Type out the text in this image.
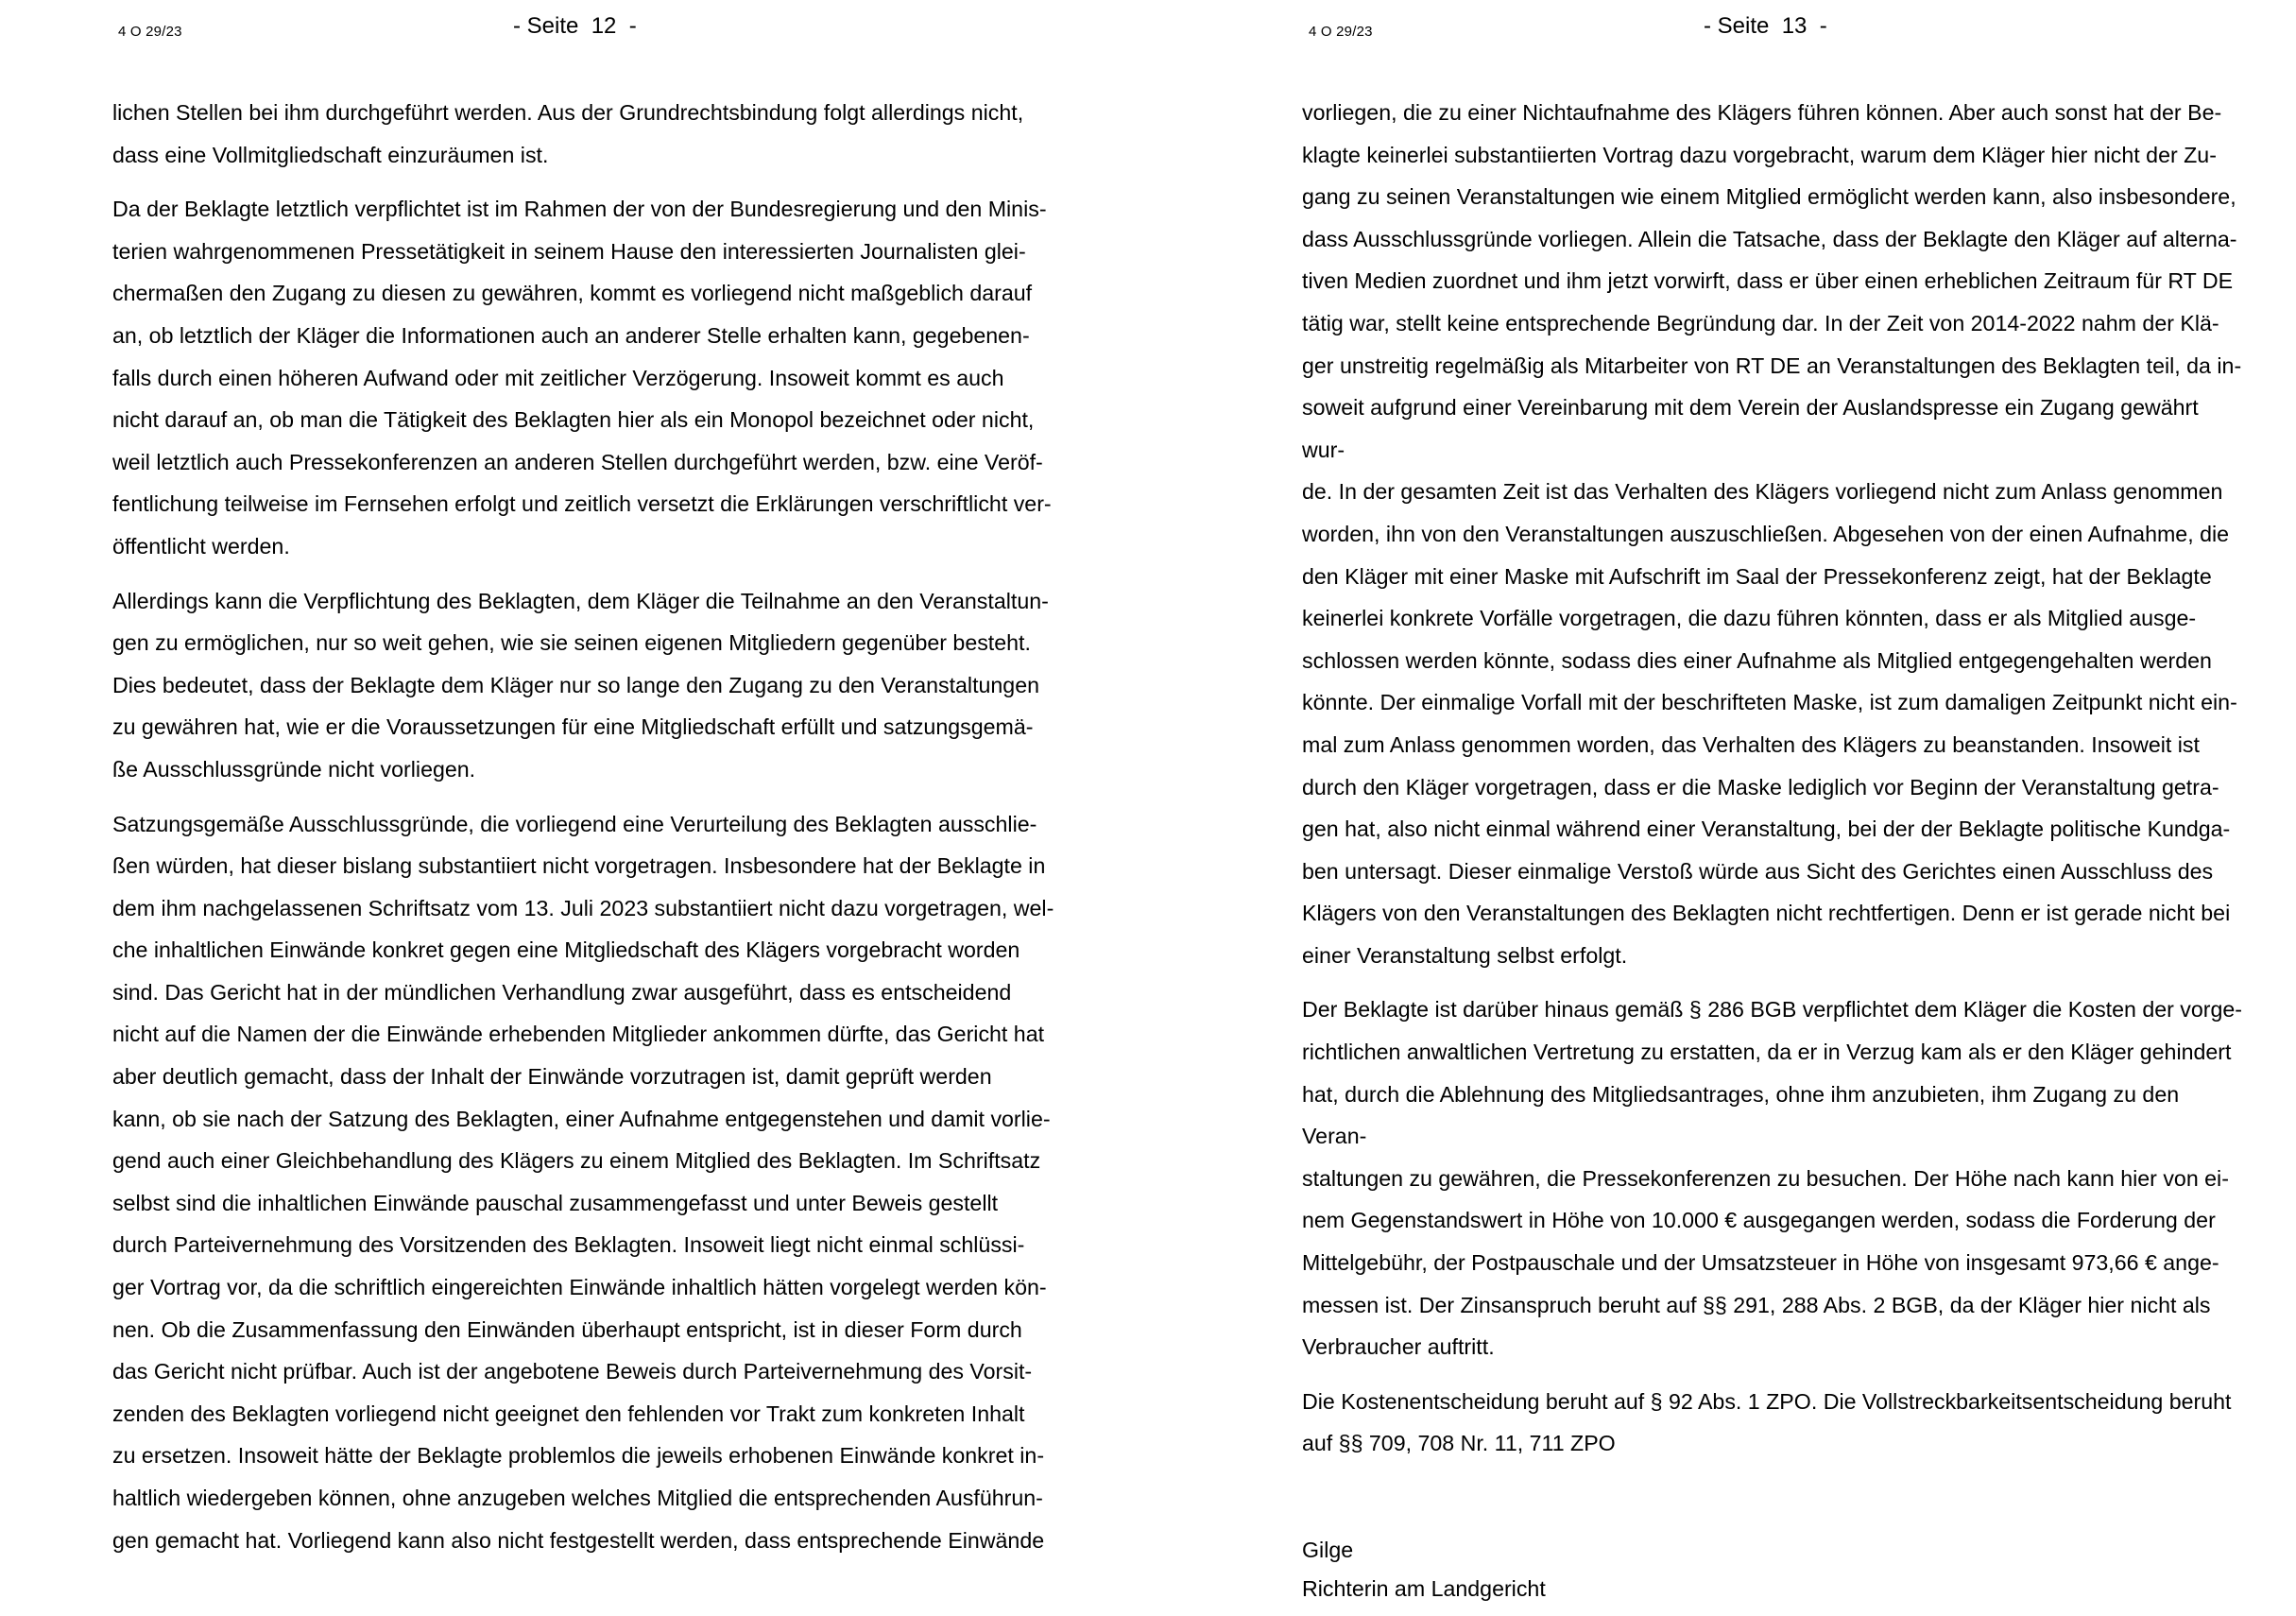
4 O 29/23	- Seite  12  -

lichen Stellen bei ihm durchgeführt werden. Aus der Grundrechtsbindung folgt allerdings nicht,
dass eine Vollmitgliedschaft einzuräumen ist.

Da der Beklagte letztlich verpflichtet ist im Rahmen der von der Bundesregierung und den Minis-
terien wahrgenommenen Pressetätigkeit in seinem Hause den interessierten Journalisten glei-
chermaßen den Zugang zu diesen zu gewähren, kommt es vorliegend nicht maßgeblich darauf
an, ob letztlich der Kläger die Informationen auch an anderer Stelle erhalten kann, gegebenen-
falls durch einen höheren Aufwand oder mit zeitlicher Verzögerung. Insoweit kommt es auch
nicht darauf an, ob man die Tätigkeit des Beklagten hier als ein Monopol bezeichnet oder nicht,
weil letztlich auch Pressekonferenzen an anderen Stellen durchgeführt werden, bzw. eine Veröf-
fentlichung teilweise im Fernsehen erfolgt und zeitlich versetzt die Erklärungen verschriftlicht ver-
öffentlicht werden.

Allerdings kann die Verpflichtung des Beklagten, dem Kläger die Teilnahme an den Veranstaltun-
gen zu ermöglichen, nur so weit gehen, wie sie seinen eigenen Mitgliedern gegenüber besteht.
Dies bedeutet, dass der Beklagte dem Kläger nur so lange den Zugang zu den Veranstaltungen
zu gewähren hat, wie er die Voraussetzungen für eine Mitgliedschaft erfüllt und satzungsgemä-
ße Ausschlussgründe nicht vorliegen.

Satzungsgemäße Ausschlussgründe, die vorliegend eine Verurteilung des Beklagten ausschlie-
ßen würden, hat dieser bislang substantiiert nicht vorgetragen. Insbesondere hat der Beklagte in
dem ihm nachgelassenen Schriftsatz vom 13. Juli 2023 substantiiert nicht dazu vorgetragen, wel-
che inhaltlichen Einwände konkret gegen eine Mitgliedschaft des Klägers vorgebracht worden
sind. Das Gericht hat in der mündlichen Verhandlung zwar ausgeführt, dass es entscheidend
nicht auf die Namen der die Einwände erhebenden Mitglieder ankommen dürfte, das Gericht hat
aber deutlich gemacht, dass der Inhalt der Einwände vorzutragen ist, damit geprüft werden
kann, ob sie nach der Satzung des Beklagten, einer Aufnahme entgegenstehen und damit vorlie-
gend auch einer Gleichbehandlung des Klägers zu einem Mitglied des Beklagten. Im Schriftsatz
selbst sind die inhaltlichen Einwände pauschal zusammengefasst und unter Beweis gestellt
durch Parteivernehmung des Vorsitzenden des Beklagten. Insoweit liegt nicht einmal schlüssi-
ger Vortrag vor, da die schriftlich eingereichten Einwände inhaltlich hätten vorgelegt werden kön-
nen. Ob die Zusammenfassung den Einwänden überhaupt entspricht, ist in dieser Form durch
das Gericht nicht prüfbar. Auch ist der angebotene Beweis durch Parteivernehmung des Vorsit-
zenden des Beklagten vorliegend nicht geeignet den fehlenden vor Trakt zum konkreten Inhalt
zu ersetzen. Insoweit hätte der Beklagte problemlos die jeweils erhobenen Einwände konkret in-
haltlich wiedergeben können, ohne anzugeben welches Mitglied die entsprechenden Ausführun-
gen gemacht hat. Vorliegend kann also nicht festgestellt werden, dass entsprechende Einwände

4 O 29/23	- Seite  13  -

vorliegen, die zu einer Nichtaufnahme des Klägers führen können. Aber auch sonst hat der Be-
klagte keinerlei substantiierten Vortrag dazu vorgebracht, warum dem Kläger hier nicht der Zu-
gang zu seinen Veranstaltungen wie einem Mitglied ermöglicht werden kann, also insbesondere,
dass Ausschlussgründe vorliegen. Allein die Tatsache, dass der Beklagte den Kläger auf alterna-
tiven Medien zuordnet und ihm jetzt vorwirft, dass er über einen erheblichen Zeitraum für RT DE
tätig war, stellt keine entsprechende Begründung dar. In der Zeit von 2014-2022 nahm der Klä-
ger unstreitig regelmäßig als Mitarbeiter von RT DE an Veranstaltungen des Beklagten teil, da in-
soweit aufgrund einer Vereinbarung mit dem Verein der Auslandspresse ein Zugang gewährt wur-
de. In der gesamten Zeit ist das Verhalten des Klägers vorliegend nicht zum Anlass genommen
worden, ihn von den Veranstaltungen auszuschließen. Abgesehen von der einen Aufnahme, die
den Kläger mit einer Maske mit Aufschrift im Saal der Pressekonferenz zeigt, hat der Beklagte
keinerlei konkrete Vorfälle vorgetragen, die dazu führen könnten, dass er als Mitglied ausge-
schlossen werden könnte, sodass dies einer Aufnahme als Mitglied entgegengehalten werden
könnte. Der einmalige Vorfall mit der beschrifteten Maske, ist zum damaligen Zeitpunkt nicht ein-
mal zum Anlass genommen worden, das Verhalten des Klägers zu beanstanden. Insoweit ist
durch den Kläger vorgetragen, dass er die Maske lediglich vor Beginn der Veranstaltung getra-
gen hat, also nicht einmal während einer Veranstaltung, bei der der Beklagte politische Kundga-
ben untersagt. Dieser einmalige Verstoß würde aus Sicht des Gerichtes einen Ausschluss des
Klägers von den Veranstaltungen des Beklagten nicht rechtfertigen. Denn er ist gerade nicht bei
einer Veranstaltung selbst erfolgt.

Der Beklagte ist darüber hinaus gemäß § 286 BGB verpflichtet dem Kläger die Kosten der vorge-
richtlichen anwaltlichen Vertretung zu erstatten, da er in Verzug kam als er den Kläger gehindert
hat, durch die Ablehnung des Mitgliedsantrages, ohne ihm anzubieten, ihm Zugang zu den Veran-
staltungen zu gewähren, die Pressekonferenzen zu besuchen. Der Höhe nach kann hier von ei-
nem Gegenstandswert in Höhe von 10.000 € ausgegangen werden, sodass die Forderung der
Mittelgebühr, der Postpauschale und der Umsatzsteuer in Höhe von insgesamt 973,66 € ange-
messen ist. Der Zinsanspruch beruht auf §§ 291, 288 Abs. 2 BGB, da der Kläger hier nicht als
Verbraucher auftritt.

Die Kostenentscheidung beruht auf § 92 Abs. 1 ZPO. Die Vollstreckbarkeitsentscheidung beruht
auf §§ 709, 708 Nr. 11, 711 ZPO

Gilge
Richterin am Landgericht
